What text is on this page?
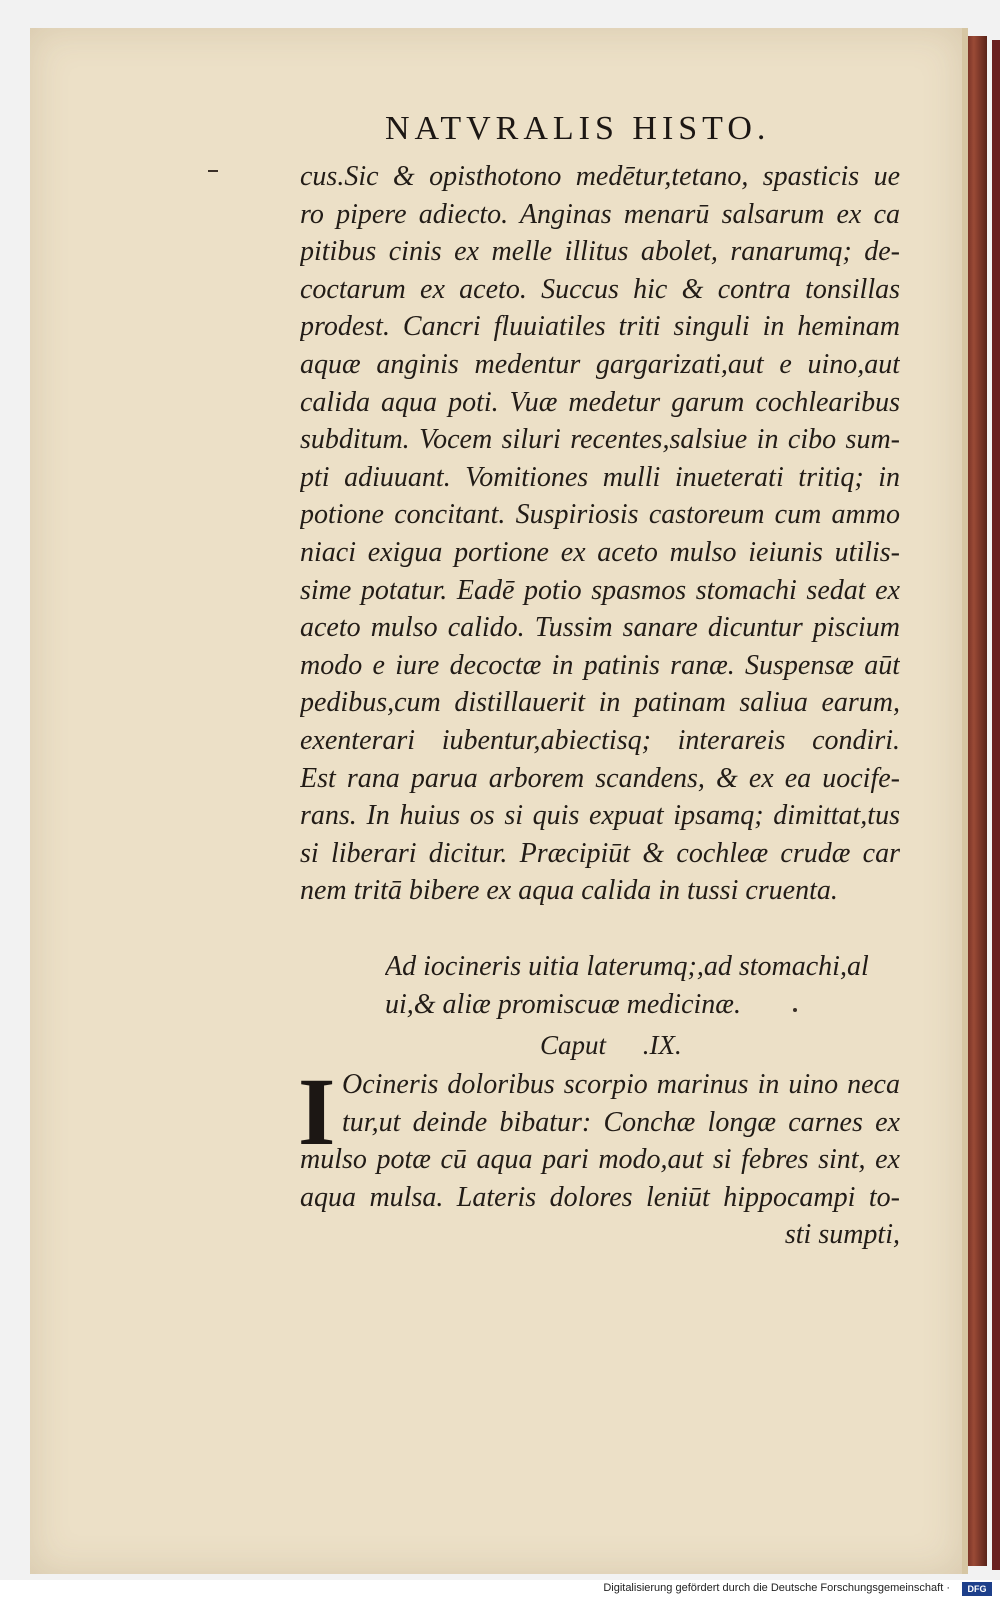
NATVRALIS HISTO.
cus.Sic & opisthotono medētur,tetano, spasticis ue
ro pipere adiecto. Anginas menarū salsarum ex ca
pitibus cinis ex melle illitus abolet, ranarumq; de-
coctarum ex aceto. Succus hic & contra tonsillas
prodest. Cancri fluuiatiles triti singuli in heminam
aquæ anginis medentur gargarizati,aut e uino,aut
calida aqua poti. Vuæ medetur garum cochlearibus
subditum. Vocem siluri recentes,salsiue in cibo sum-
pti adiuuant. Vomitiones mulli inueterati tritiq; in
potione concitant. Suspiriosis castoreum cum ammo
niaci exigua portione ex aceto mulso ieiunis utilis-
sime potatur. Eadē potio spasmos stomachi sedat ex
aceto mulso calido. Tussim sanare dicuntur piscium
modo e iure decoctæ in patinis ranæ. Suspensæ aūt
pedibus,cum distillauerit in patinam saliua earum,
exenterari iubentur,abiectisq; interareis condiri.
Est rana parua arborem scandens, & ex ea uocife-
rans. In huius os si quis expuat ipsamq; dimittat,tus
si liberari dicitur. Præcipiūt & cochleæ crudæ car
nem tritā bibere ex aqua calida in tussi cruenta.
Ad iocineris uitia laterumq;,ad stomachi,al
ui,& aliæ promiscuæ medicinæ.
Caput .IX.
I Ocineris doloribus scorpio marinus in uino neca
tur,ut deinde bibatur: Conchæ longæ carnes ex
mulso potæ cū aqua pari modo,aut si febres sint, ex
aqua mulsa. Lateris dolores leniūt hippocampi to-
sti sumpti,
Digitalisierung gefördert durch die Deutsche Forschungsgemeinschaft ·	DFG
